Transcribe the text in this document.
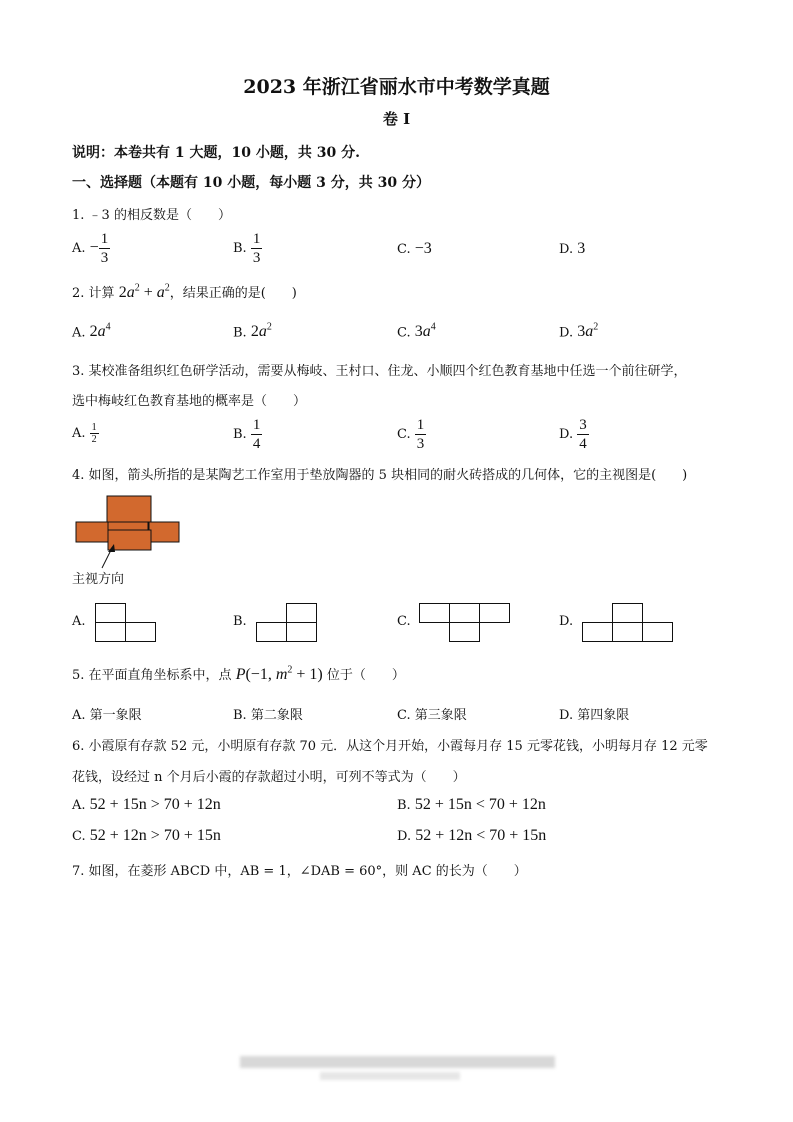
2023 年浙江省丽水市中考数学真题
卷 I
说明：本卷共有 1 大题，10 小题，共 30 分.
一、选择题（本题有 10 小题，每小题 3 分，共 30 分）
1. ﹣3 的相反数是（　　）
A. − $\frac{1}{3}$	B. $\frac{1}{3}$	C. −3	D. 3
2. 计算 $2a^2 + a^2$，结果正确的是(　　)
A. $2a^4$	B. $2a^2$	C. $3a^4$	D. $3a^2$
3. 某校准备组织红色研学活动，需要从梅岐、王村口、住龙、小顺四个红色教育基地中任选一个前往研学，
选中梅岐红色教育基地的概率是（　　）
A. $\frac{1}{2}$	B. $\frac{1}{4}$	C. $\frac{1}{3}$	D. $\frac{3}{4}$
4. 如图，箭头所指的是某陶艺工作室用于垫放陶器的 5 块相同的耐火砖搭成的几何体，它的主视图是(　　)
主视方向
A.	B.	C.	D.
5. 在平面直角坐标系中，点 P(−1, $m^2 + 1$) 位于（　　）
A. 第一象限	B. 第二象限	C. 第三象限	D. 第四象限
6. 小霞原有存款 52 元，小明原有存款 70 元．从这个月开始，小霞每月存 15 元零花钱，小明每月存 12 元零
花钱，设经过 n 个月后小霞的存款超过小明，可列不等式为（　　）
A. 52 + 15n > 70 + 12n	B. 52 + 15n < 70 + 12n
C. 52 + 12n > 70 + 15n	D. 52 + 12n < 70 + 15n
7. 如图，在菱形 ABCD 中，AB = 1，∠DAB = 60°，则 AC 的长为（　　）
